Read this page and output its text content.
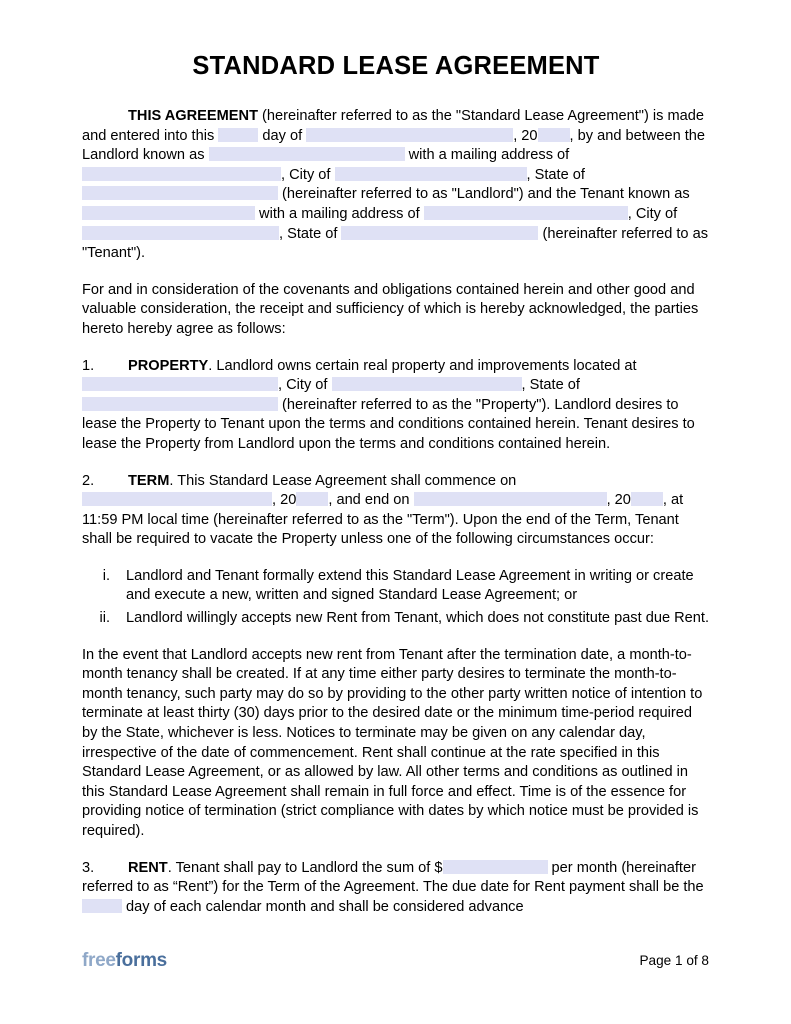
STANDARD LEASE AGREEMENT

THIS AGREEMENT (hereinafter referred to as the "Standard Lease Agreement") is made and entered into this	day of	, 20 , by and between the Landlord known as	with a mailing address of , City of	, State of  (hereinafter referred to as "Landlord") and the Tenant known as  with a mailing address of	, City of , State of	(hereinafter referred to as "Tenant").

For and in consideration of the covenants and obligations contained herein and other good and valuable consideration, the receipt and sufficiency of which is hereby acknowledged, the parties hereto hereby agree as follows:

1. PROPERTY. Landlord owns certain real property and improvements located at , City of	, State of  (hereinafter referred to as the "Property"). Landlord desires to lease the Property to Tenant upon the terms and conditions contained herein. Tenant desires to lease the Property from Landlord upon the terms and conditions contained herein.

2. TERM. This Standard Lease Agreement shall commence on , 20 , and end on	, 20 , at 11:59 PM local time (hereinafter referred to as the "Term"). Upon the end of the Term, Tenant shall be required to vacate the Property unless one of the following circumstances occur:

i.	Landlord and Tenant formally extend this Standard Lease Agreement in writing or create and execute a new, written and signed Standard Lease Agreement; or
ii.	Landlord willingly accepts new Rent from Tenant, which does not constitute past due Rent.

In the event that Landlord accepts new rent from Tenant after the termination date, a month-to-month tenancy shall be created. If at any time either party desires to terminate the month-to-month tenancy, such party may do so by providing to the other party written notice of intention to terminate at least thirty (30) days prior to the desired date or the minimum time-period required by the State, whichever is less. Notices to terminate may be given on any calendar day, irrespective of the date of commencement. Rent shall continue at the rate specified in this Standard Lease Agreement, or as allowed by law. All other terms and conditions as outlined in this Standard Lease Agreement shall remain in full force and effect. Time is of the essence for providing notice of termination (strict compliance with dates by which notice must be provided is required).

3. RENT. Tenant shall pay to Landlord the sum of $	per month (hereinafter referred to as “Rent”) for the Term of the Agreement. The due date for Rent payment shall be the  day of each calendar month and shall be considered advance

freeforms	Page 1 of 8
